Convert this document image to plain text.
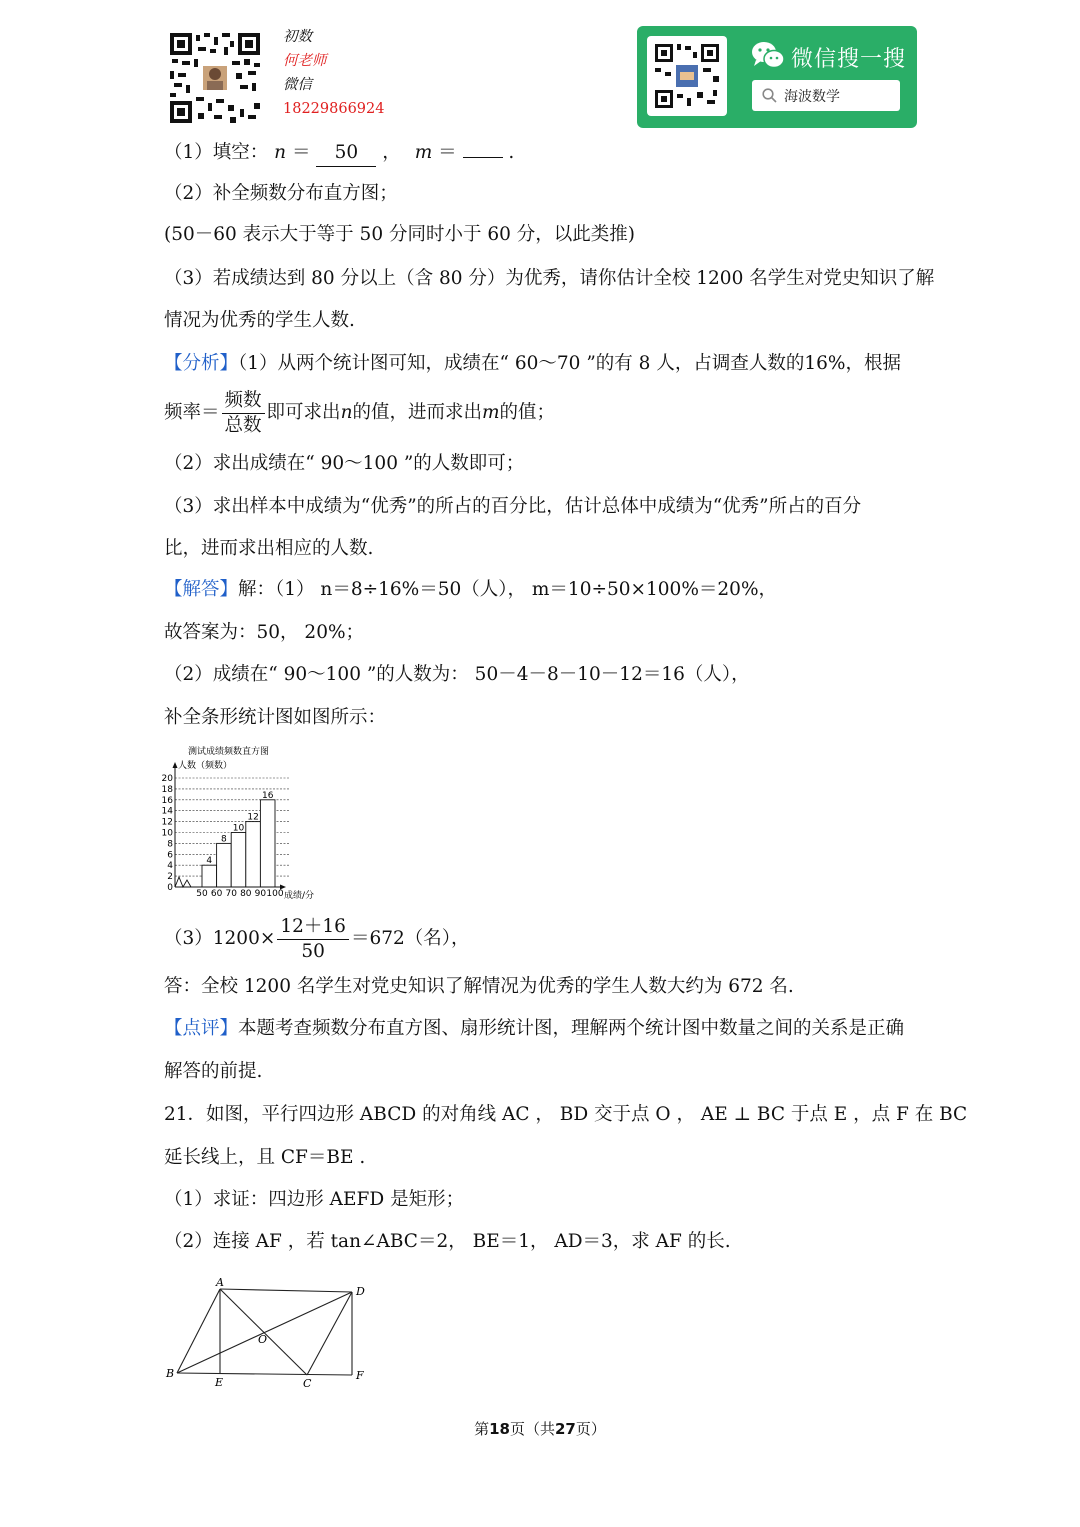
初数
何老师
微信
18229866924
微信搜一搜
海波数学
（1）填空： n ＝ 50 ， m ＝	.
（2）补全频数分布直方图；
(50－60 表示大于等于 50 分同时小于 60 分，以此类推)
（3）若成绩达到 80 分以上（含 80 分）为优秀，请你估计全校 1200 名学生对党史知识了解
情况为优秀的学生人数.
【分析】（1）从两个统计图可知，成绩在“ 60～70 ”的有 8 人，占调查人数的16%，根据
频率＝ $\frac{\text{频数}}{\text{总数}}$ 即可求出n的值，进而求出m的值；
（2）求出成绩在“ 90～100 ”的人数即可；
（3）求出样本中成绩为“优秀”的所占的百分比，估计总体中成绩为“优秀”所占的百分
比，进而求出相应的人数.
【解答】解：（1） n＝8÷16%＝50（人）， m＝10÷50×100%＝20%，
故答案为：50， 20%；
（2）成绩在“ 90～100 ”的人数为： 50－4－8－10－12＝16（人），
补全条形统计图如图所示：
测试成绩频数直方图
人数（频数）
成绩/分
4
8
10
12
16
0
2
4
6
8
10
12
14
16
18
20
50 60 70 80 90 100
$(3)1200\times \frac{12+16}{50} =672$（名），
答：全校 1200 名学生对党史知识了解情况为优秀的学生人数大约为 672 名.
【点评】本题考查频数分布直方图、扇形统计图，理解两个统计图中数量之间的关系是正确
解答的前提.
21．如图，平行四边形 ABCD 的对角线 AC ， BD 交于点 O ， AE ⊥ BC 于点 E ，点 F 在 BC
延长线上，且 CF＝BE .
（1）求证：四边形 AEFD 是矩形；
（2）连接 AF ，若 tan∠ABC＝2， BE＝1， AD＝3，求 AF 的长.
A
B
C
D
E
F
O
第18页（共27页）
